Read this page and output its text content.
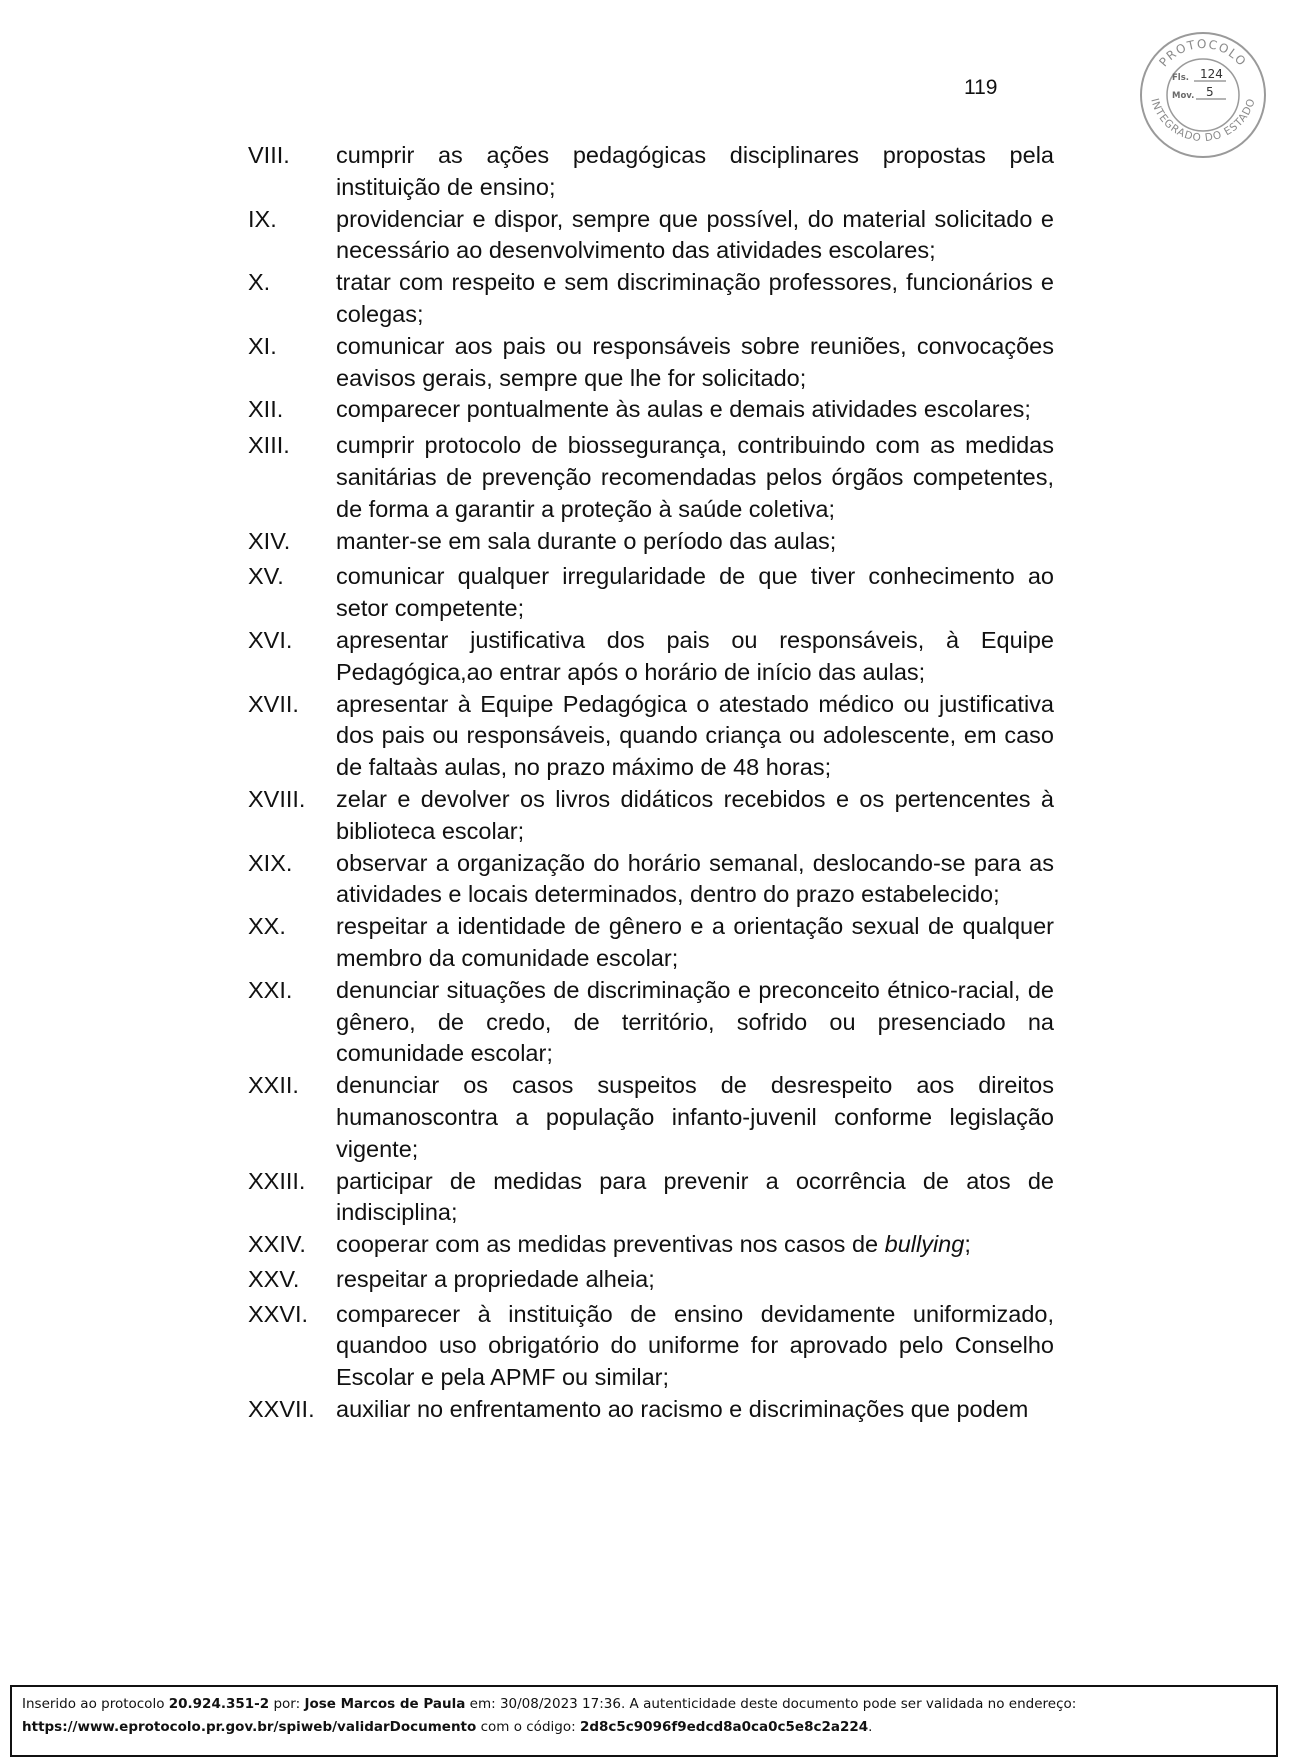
119
PROTOCOLO
INTEGRADO DO ESTADO
Fls. 124
Mov. 5
VIII.	cumprir as ações pedagógicas disciplinares propostas pela instituição de ensino;
IX.	providenciar e dispor, sempre que possível, do material solicitado e necessário ao desenvolvimento das atividades escolares;
X.	tratar com respeito e sem discriminação professores, funcionários e colegas;
XI.	comunicar aos pais ou responsáveis sobre reuniões, convocações eavisos gerais, sempre que lhe for solicitado;
XII.	comparecer pontualmente às aulas e demais atividades escolares;
XIII.	cumprir protocolo de biossegurança, contribuindo com as medidas sanitárias de prevenção recomendadas pelos órgãos competentes, de forma a garantir a proteção à saúde coletiva;
XIV.	manter-se em sala durante o período das aulas;
XV.	comunicar qualquer irregularidade de que tiver conhecimento ao setor competente;
XVI.	apresentar justificativa dos pais ou responsáveis, à Equipe Pedagógica,ao entrar após o horário de início das aulas;
XVII.	apresentar à Equipe Pedagógica o atestado médico ou justificativa dos pais ou responsáveis, quando criança ou adolescente, em caso de faltaàs aulas, no prazo máximo de 48 horas;
XVIII.	zelar e devolver os livros didáticos recebidos e os pertencentes à biblioteca escolar;
XIX.	observar a organização do horário semanal, deslocando-se para as atividades e locais determinados, dentro do prazo estabelecido;
XX.	respeitar a identidade de gênero e a orientação sexual de qualquer membro da comunidade escolar;
XXI.	denunciar situações de discriminação e preconceito étnico-racial, de gênero, de credo, de território, sofrido ou presenciado na comunidade escolar;
XXII.	denunciar os casos suspeitos de desrespeito aos direitos humanoscontra a população infanto-juvenil conforme legislação vigente;
XXIII.	participar de medidas para prevenir a ocorrência de atos de indisciplina;
XXIV.	cooperar com as medidas preventivas nos casos de bullying;
XXV.	respeitar a propriedade alheia;
XXVI.	comparecer à instituição de ensino devidamente uniformizado, quandoo uso obrigatório do uniforme for aprovado pelo Conselho Escolar e pela APMF ou similar;
XXVII. auxiliar no enfrentamento ao racismo e discriminações que podem
Inserido ao protocolo 20.924.351-2 por: Jose Marcos de Paula em: 30/08/2023 17:36. A autenticidade deste documento pode ser validada no endereço:
https://www.eprotocolo.pr.gov.br/spiweb/validarDocumento com o código: 2d8c5c9096f9edcd8a0ca0c5e8c2a224.
